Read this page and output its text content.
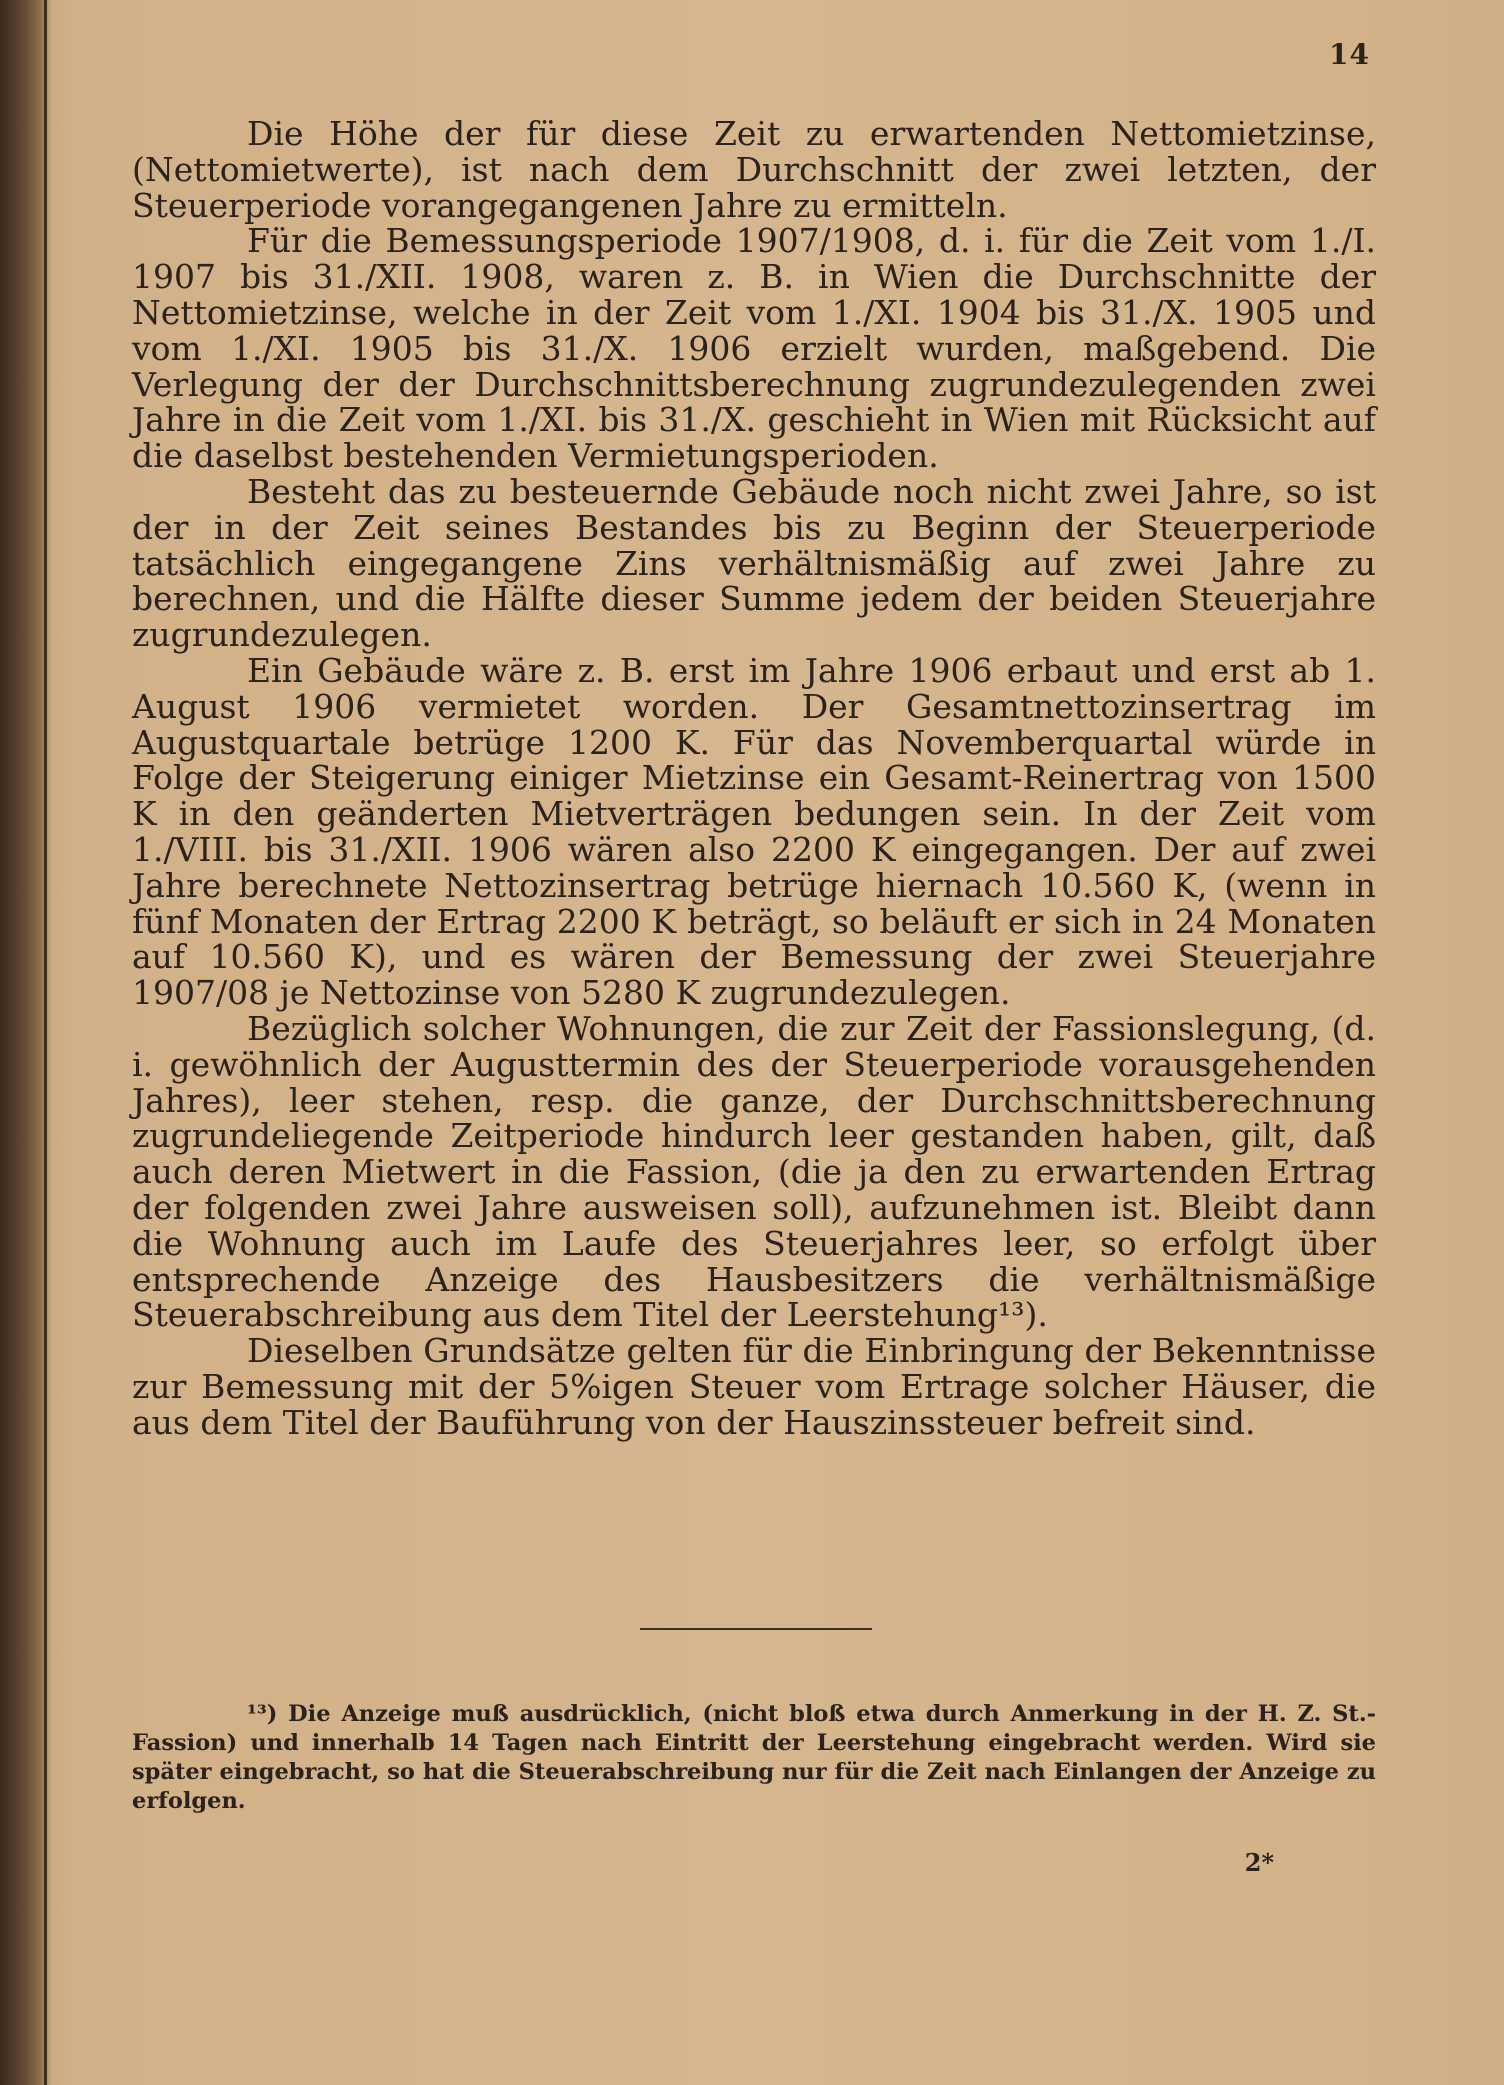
14

Die Höhe der für diese Zeit zu erwartenden Nettomietzinse, (Nettomietwerte), ist nach dem Durchschnitt der zwei letzten, der Steuerperiode vorangegangenen Jahre zu ermitteln.

Für die Bemessungsperiode 1907/1908, d. i. für die Zeit vom 1./I. 1907 bis 31./XII. 1908, waren z. B. in Wien die Durchschnitte der Nettomietzinse, welche in der Zeit vom 1./XI. 1904 bis 31./X. 1905 und vom 1./XI. 1905 bis 31./X. 1906 erzielt wurden, maßgebend. Die Verlegung der der Durchschnittsberechnung zugrundezulegenden zwei Jahre in die Zeit vom 1./XI. bis 31./X. geschieht in Wien mit Rücksicht auf die daselbst bestehenden Vermietungsperioden.

Besteht das zu besteuernde Gebäude noch nicht zwei Jahre, so ist der in der Zeit seines Bestandes bis zu Beginn der Steuerperiode tatsächlich eingegangene Zins verhältnismäßig auf zwei Jahre zu berechnen, und die Hälfte dieser Summe jedem der beiden Steuerjahre zugrundezulegen.

Ein Gebäude wäre z. B. erst im Jahre 1906 erbaut und erst ab 1. August 1906 vermietet worden. Der Gesamtnettozinsertrag im Augustquartale betrüge 1200 K. Für das Novemberquartal würde in Folge der Steigerung einiger Mietzinse ein Gesamt-Reinertrag von 1500 K in den geänderten Mietverträgen bedungen sein. In der Zeit vom 1./VIII. bis 31./XII. 1906 wären also 2200 K eingegangen. Der auf zwei Jahre berechnete Nettozinsertrag betrüge hiernach 10.560 K, (wenn in fünf Monaten der Ertrag 2200 K beträgt, so beläuft er sich in 24 Monaten auf 10.560 K), und es wären der Bemessung der zwei Steuerjahre 1907/08 je Nettozinse von 5280 K zugrundezulegen.

Bezüglich solcher Wohnungen, die zur Zeit der Fassionslegung, (d. i. gewöhnlich der Augusttermin des der Steuerperiode vorausgehenden Jahres), leer stehen, resp. die ganze, der Durchschnittsberechnung zugrundeliegende Zeitperiode hindurch leer gestanden haben, gilt, daß auch deren Mietwert in die Fassion, (die ja den zu erwartenden Ertrag der folgenden zwei Jahre ausweisen soll), aufzunehmen ist. Bleibt dann die Wohnung auch im Laufe des Steuerjahres leer, so erfolgt über entsprechende Anzeige des Hausbesitzers die verhältnismäßige Steuerabschreibung aus dem Titel der Leerstehung¹³).

Dieselben Grundsätze gelten für die Einbringung der Bekenntnisse zur Bemessung mit der 5%igen Steuer vom Ertrage solcher Häuser, die aus dem Titel der Bauführung von der Hauszinssteuer befreit sind.

¹³) Die Anzeige muß ausdrücklich, (nicht bloß etwa durch Anmerkung in der H. Z. St.-Fassion) und innerhalb 14 Tagen nach Eintritt der Leerstehung eingebracht werden. Wird sie später eingebracht, so hat die Steuerabschreibung nur für die Zeit nach Einlangen der Anzeige zu erfolgen.

2*
